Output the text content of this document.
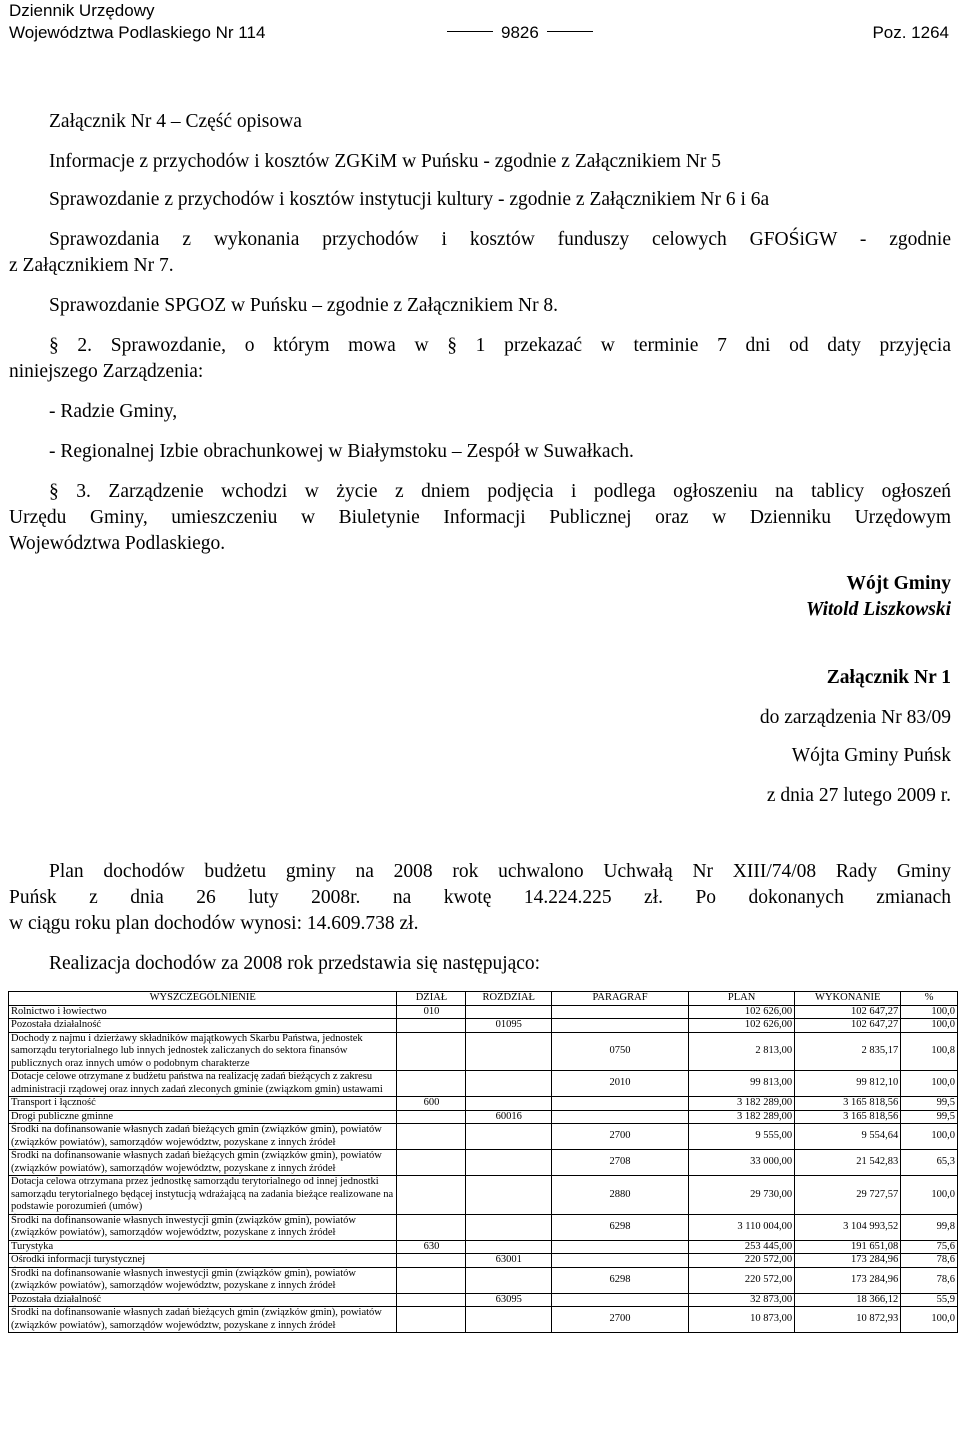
Dziennik Urzędowy
Województwa Podlaskiego Nr 114	9826	Poz. 1264

Załącznik Nr 4 – Część opisowa

Informacje z przychodów i kosztów ZGKiM w Puńsku - zgodnie z Załącznikiem Nr 5

Sprawozdanie z przychodów i kosztów instytucji kultury - zgodnie z Załącznikiem Nr 6 i 6a

Sprawozdania z wykonania przychodów i kosztów funduszy celowych GFOŚiGW - zgodnie

z Załącznikiem Nr 7.

Sprawozdanie SPGOZ w Puńsku – zgodnie z Załącznikiem Nr 8.

§ 2. Sprawozdanie, o którym mowa w § 1 przekazać w terminie 7 dni od daty przyjęcia

niniejszego Zarządzenia:

- Radzie Gminy,

- Regionalnej Izbie obrachunkowej w Białymstoku – Zespół w Suwałkach.

§ 3. Zarządzenie wchodzi w życie z dniem podjęcia i podlega ogłoszeniu na tablicy ogłoszeń

Urzędu Gminy, umieszczeniu w Biuletynie Informacji Publicznej oraz w Dzienniku Urzędowym

Województwa Podlaskiego.

Wójt Gminy

Witold Liszkowski

Załącznik Nr 1

do zarządzenia Nr 83/09

Wójta Gminy Puńsk

z dnia 27 lutego 2009 r.

Plan dochodów budżetu gminy na 2008 rok uchwalono Uchwałą Nr XIII/74/08 Rady Gminy

Puńsk z dnia 26 luty 2008r. na kwotę 14.224.225 zł. Po dokonanych zmianach

w ciągu roku plan dochodów wynosi: 14.609.738 zł.

Realizacja dochodów za 2008 rok przedstawia się następująco:

WYSZCZEGÓLNIENIE	DZIAŁ	ROZDZIAŁ	PARAGRAF	PLAN	WYKONANIE	%
Rolnictwo i łowiectwo	010			102 626,00	102 647,27	100,0
Pozostała działalność		01095		102 626,00	102 647,27	100,0
Dochody z najmu i dzierżawy składników majątkowych Skarbu Państwa, jednostek samorządu terytorialnego lub innych jednostek zaliczanych do sektora finansów publicznych oraz innych umów o podobnym charakterze			0750	2 813,00	2 835,17	100,8
Dotacje celowe otrzymane z budżetu państwa na realizację zadań bieżących z zakresu administracji rządowej oraz innych zadań zleconych gminie (związkom gmin) ustawami			2010	99 813,00	99 812,10	100,0
Transport i łączność	600			3 182 289,00	3 165 818,56	99,5
Drogi publiczne gminne		60016		3 182 289,00	3 165 818,56	99,5
Środki na dofinansowanie własnych zadań bieżących gmin (związków gmin), powiatów (związków powiatów), samorządów województw, pozyskane z innych źródeł			2700	9 555,00	9 554,64	100,0
Środki na dofinansowanie własnych zadań bieżących gmin (związków gmin), powiatów (związków powiatów), samorządów województw, pozyskane z innych źródeł			2708	33 000,00	21 542,83	65,3
Dotacja celowa otrzymana przez jednostkę samorządu terytorialnego od innej jednostki samorządu terytorialnego będącej instytucją wdrażającą na zadania bieżące realizowane na podstawie porozumień (umów)			2880	29 730,00	29 727,57	100,0
Środki na dofinansowanie własnych inwestycji gmin (związków gmin), powiatów (związków powiatów), samorządów województw, pozyskane z innych źródeł			6298	3 110 004,00	3 104 993,52	99,8
Turystyka	630			253 445,00	191 651,08	75,6
Ośrodki informacji turystycznej		63001		220 572,00	173 284,96	78,6
Środki na dofinansowanie własnych inwestycji gmin (związków gmin), powiatów (związków powiatów), samorządów województw, pozyskane z innych źródeł			6298	220 572,00	173 284,96	78,6
Pozostała działalność		63095		32 873,00	18 366,12	55,9
Środki na dofinansowanie własnych zadań bieżących gmin (związków gmin), powiatów (związków powiatów), samorządów województw, pozyskane z innych źródeł			2700	10 873,00	10 872,93	100,0
